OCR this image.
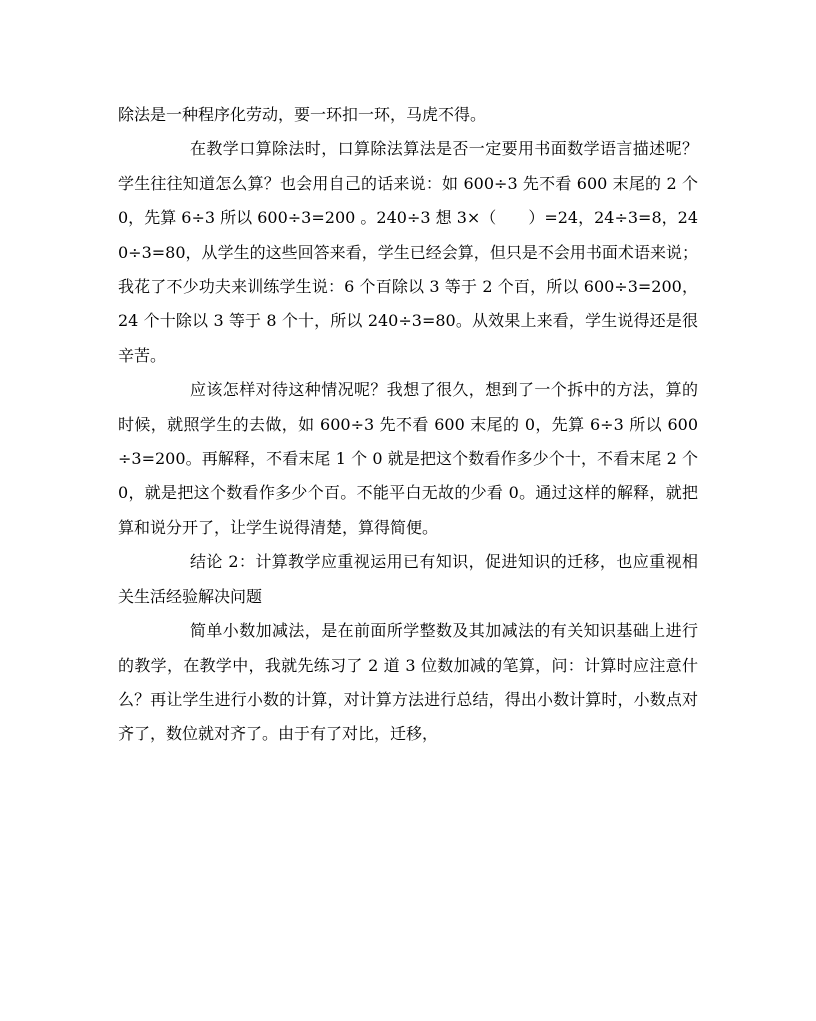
除法是一种程序化劳动，要一环扣一环，马虎不得。

在教学口算除法时，口算除法算法是否一定要用书面数学语言描述呢？学生往往知道怎么算？也会用自己的话来说：如 600÷3 先不看 600 末尾的 2 个 0，先算 6÷3 所以 600÷3=200 。240÷3 想 3×（　　）=24，24÷3=8，240÷3=80，从学生的这些回答来看，学生已经会算，但只是不会用书面术语来说；我花了不少功夫来训练学生说：6 个百除以 3 等于 2 个百，所以 600÷3=200，24 个十除以 3 等于 8 个十，所以 240÷3=80。从效果上来看，学生说得还是很辛苦。

应该怎样对待这种情况呢？我想了很久，想到了一个拆中的方法，算的时候，就照学生的去做，如 600÷3 先不看 600 末尾的 0，先算 6÷3 所以 600÷3=200。再解释，不看末尾 1 个 0 就是把这个数看作多少个十，不看末尾 2 个 0，就是把这个数看作多少个百。不能平白无故的少看 0。通过这样的解释，就把算和说分开了，让学生说得清楚，算得简便。

结论 2：计算教学应重视运用已有知识，促进知识的迁移，也应重视相关生活经验解决问题

简单小数加减法，是在前面所学整数及其加减法的有关知识基础上进行的教学，在教学中，我就先练习了 2 道 3 位数加减的笔算，问：计算时应注意什么？再让学生进行小数的计算，对计算方法进行总结，得出小数计算时，小数点对齐了，数位就对齐了。由于有了对比，迁移，
